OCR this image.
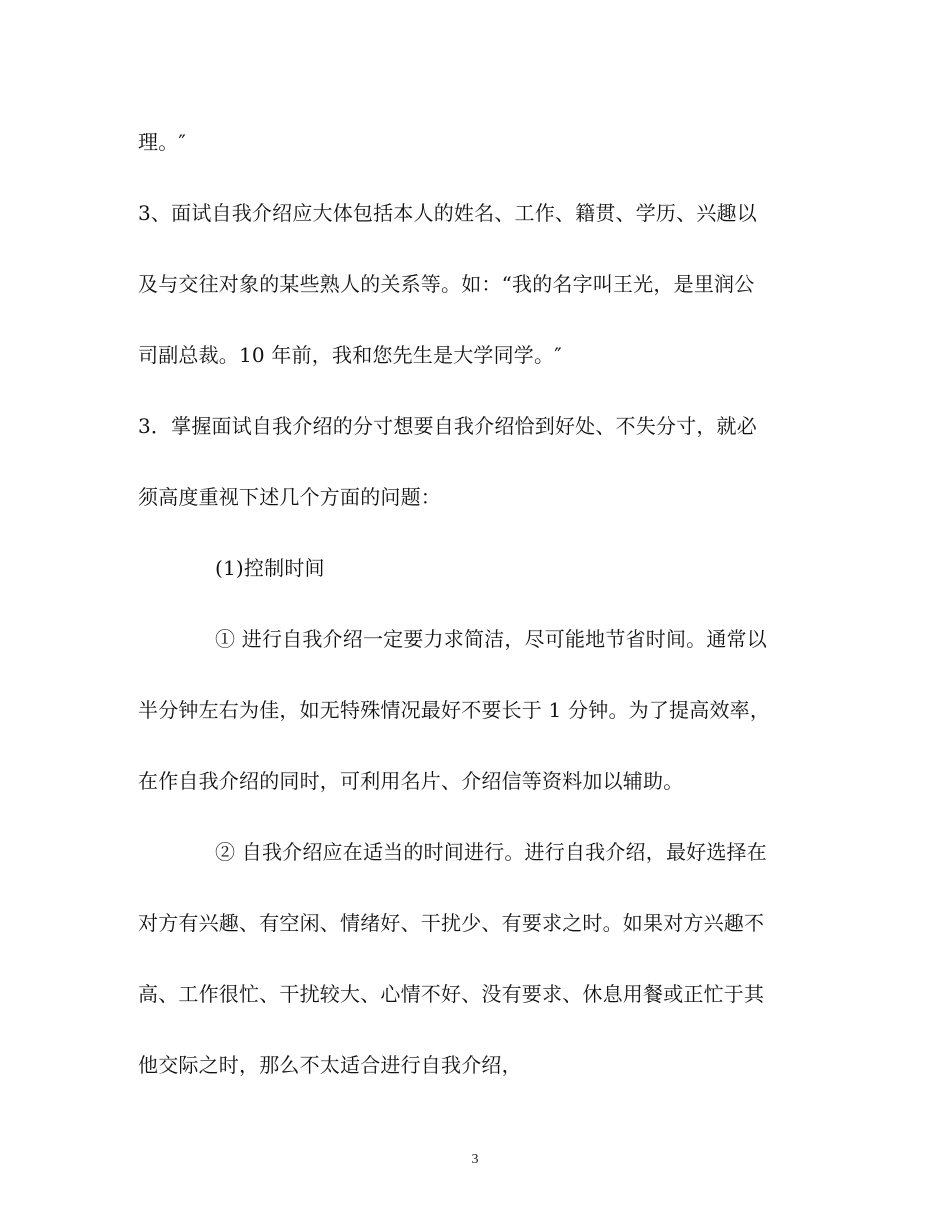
理。″
3、面试自我介绍应大体包括本人的姓名、工作、籍贯、学历、兴趣以
及与交往对象的某些熟人的关系等。如：“我的名字叫王光，是里润公
司副总裁。10 年前，我和您先生是大学同学。″
3．掌握面试自我介绍的分寸想要自我介绍恰到好处、不失分寸，就必
须高度重视下述几个方面的问题：
(1)控制时间
① 进行自我介绍一定要力求简洁，尽可能地节省时间。通常以
半分钟左右为佳，如无特殊情况最好不要长于 1 分钟。为了提高效率，
在作自我介绍的同时，可利用名片、介绍信等资料加以辅助。
② 自我介绍应在适当的时间进行。进行自我介绍，最好选择在
对方有兴趣、有空闲、情绪好、干扰少、有要求之时。如果对方兴趣不
高、工作很忙、干扰较大、心情不好、没有要求、休息用餐或正忙于其
他交际之时，那么不太适合进行自我介绍，
3
